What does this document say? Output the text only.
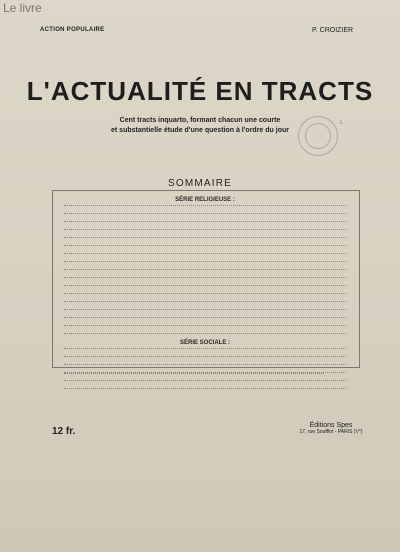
Le livre
ACTION POPULAIRE	P. CROIZIER
L'ACTUALITÉ EN TRACTS
Cent tracts inquarto, formant chacun une courte
et substantielle étude d'une question à l'ordre du jour
ʟ
SOMMAIRE
SÉRIE RELIGIEUSE :
SÉRIE SOCIALE :
12 fr.
Éditions Spes
17, rue Soufflot - PARIS (V°)
